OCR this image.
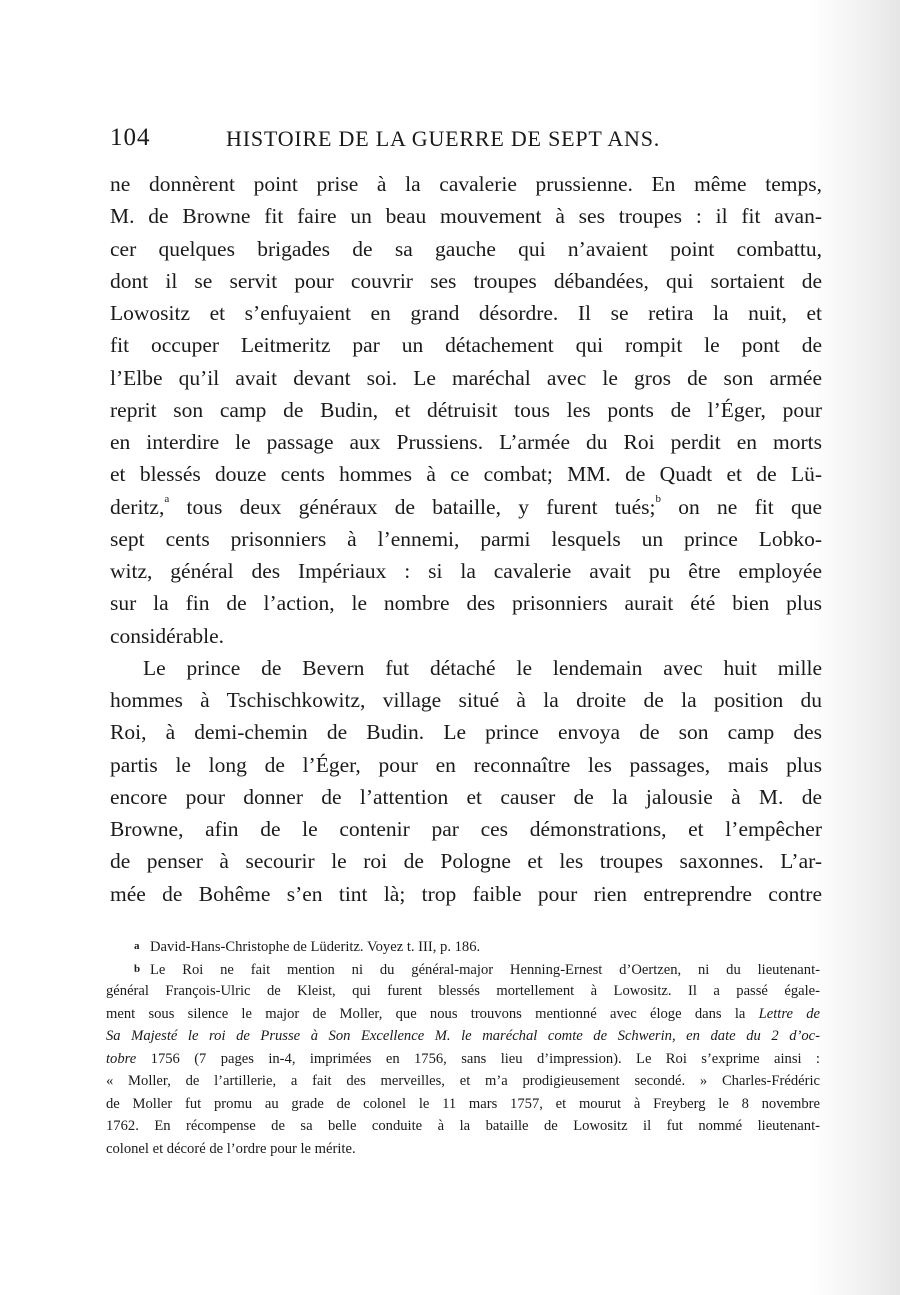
104	HISTOIRE DE LA GUERRE DE SEPT ANS.
ne donnèrent point prise à la cavalerie prussienne. En même temps,
M. de Browne fit faire un beau mouvement à ses troupes : il fit avan-
cer quelques brigades de sa gauche qui n’avaient point combattu,
dont il se servit pour couvrir ses troupes débandées, qui sortaient de
Lowositz et s’enfuyaient en grand désordre. Il se retira la nuit, et
fit occuper Leitmeritz par un détachement qui rompit le pont de
l’Elbe qu’il avait devant soi. Le maréchal avec le gros de son armée
reprit son camp de Budin, et détruisit tous les ponts de l’Éger, pour
en interdire le passage aux Prussiens. L’armée du Roi perdit en morts
et blessés douze cents hommes à ce combat; MM. de Quadt et de Lü-
deritz,$^a$ tous deux généraux de bataille, y furent tués;$^b$ on ne fit que
sept cents prisonniers à l’ennemi, parmi lesquels un prince Lobko-
witz, général des Impériaux : si la cavalerie avait pu être employée
sur la fin de l’action, le nombre des prisonniers aurait été bien plus
considérable.
Le prince de Bevern fut détaché le lendemain avec huit mille
hommes à Tschischkowitz, village situé à la droite de la position du
Roi, à demi-chemin de Budin. Le prince envoya de son camp des
partis le long de l’Éger, pour en reconnaître les passages, mais plus
encore pour donner de l’attention et causer de la jalousie à M. de
Browne, afin de le contenir par ces démonstrations, et l’empêcher
de penser à secourir le roi de Pologne et les troupes saxonnes. L’ar-
mée de Bohême s’en tint là; trop faible pour rien entreprendre contre
a David-Hans-Christophe de Lüderitz. Voyez t. III, p. 186.
b Le Roi ne fait mention ni du général-major Henning-Ernest d’Oertzen, ni du lieutenant-
général François-Ulric de Kleist, qui furent blessés mortellement à Lowositz. Il a passé égale-
ment sous silence le major de Moller, que nous trouvons mentionné avec éloge dans la Lettre de
Sa Majesté le roi de Prusse à Son Excellence M. le maréchal comte de Schwerin, en date du 2 d’oc-
tobre 1756 (7 pages in-4, imprimées en 1756, sans lieu d’impression). Le Roi s’exprime ainsi :
« Moller, de l’artillerie, a fait des merveilles, et m’a prodigieusement secondé. » Charles-Frédéric
de Moller fut promu au grade de colonel le 11 mars 1757, et mourut à Freyberg le 8 novembre
1762. En récompense de sa belle conduite à la bataille de Lowositz il fut nommé lieutenant-
colonel et décoré de l’ordre pour le mérite.
